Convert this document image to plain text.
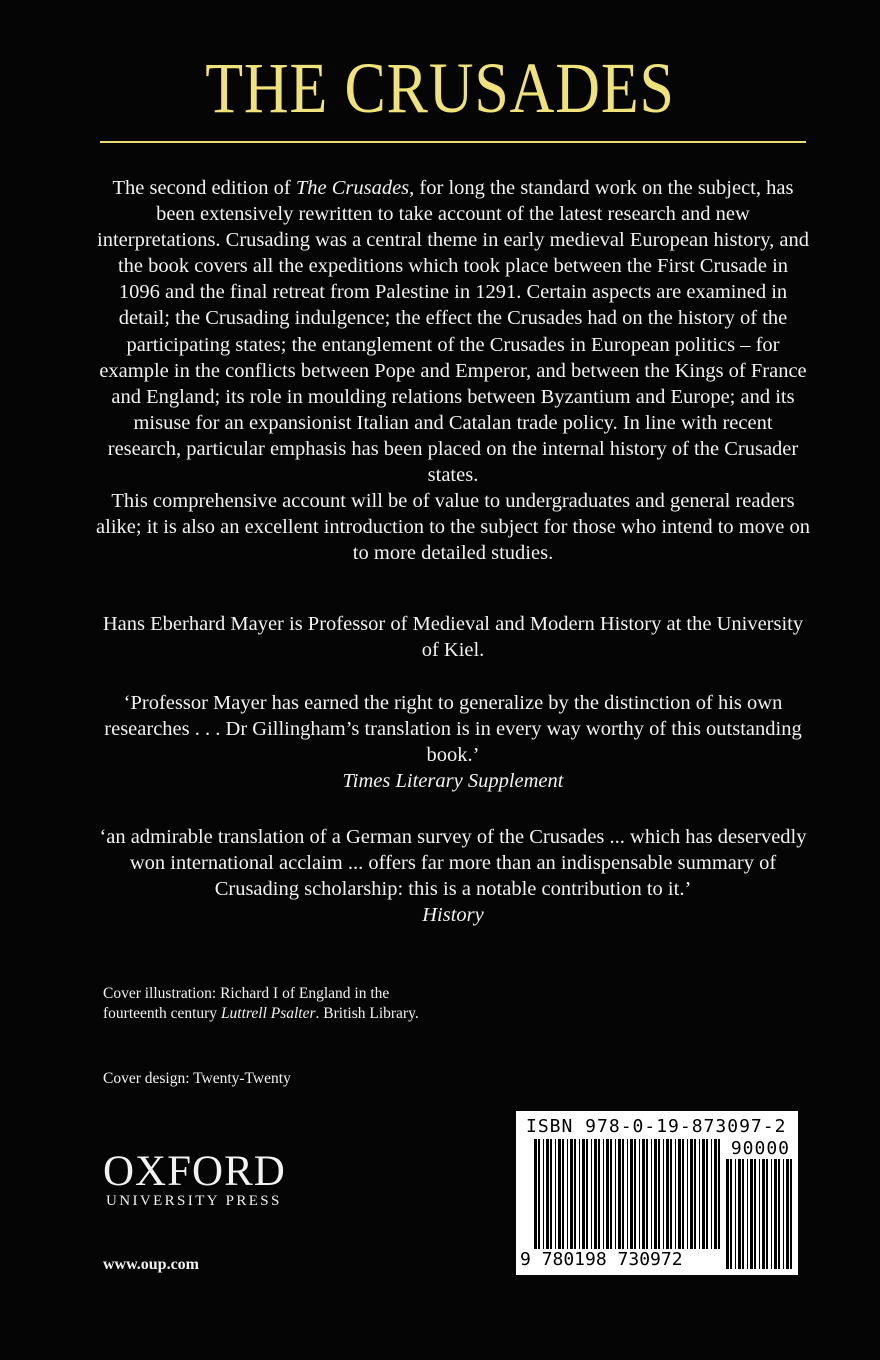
THE CRUSADES

The second edition of The Crusades, for long the standard work on the subject, has been extensively rewritten to take account of the latest research and new interpretations. Crusading was a central theme in early medieval European history, and the book covers all the expeditions which took place between the First Crusade in 1096 and the final retreat from Palestine in 1291. Certain aspects are examined in detail; the Crusading indulgence; the effect the Crusades had on the history of the participating states; the entanglement of the Crusades in European politics – for example in the conflicts between Pope and Emperor, and between the Kings of France and England; its role in moulding relations between Byzantium and Europe; and its misuse for an expansionist Italian and Catalan trade policy. In line with recent research, particular emphasis has been placed on the internal history of the Crusader states.

This comprehensive account will be of value to undergraduates and general readers alike; it is also an excellent introduction to the subject for those who intend to move on to more detailed studies.

Hans Eberhard Mayer is Professor of Medieval and Modern History at the University of Kiel.

‘Professor Mayer has earned the right to generalize by the distinction of his own researches . . . Dr Gillingham’s translation is in every way worthy of this outstanding book.’

Times Literary Supplement

‘an admirable translation of a German survey of the Crusades ... which has deservedly won international acclaim ... offers far more than an indispensable summary of Crusading scholarship: this is a notable contribution to it.’

History

Cover illustration: Richard I of England in the fourteenth century Luttrell Psalter. British Library.

Cover design: Twenty-Twenty

OXFORD

UNIVERSITY PRESS

www.oup.com

ISBN 978-0-19-873097-2

90000

9 780198 730972
